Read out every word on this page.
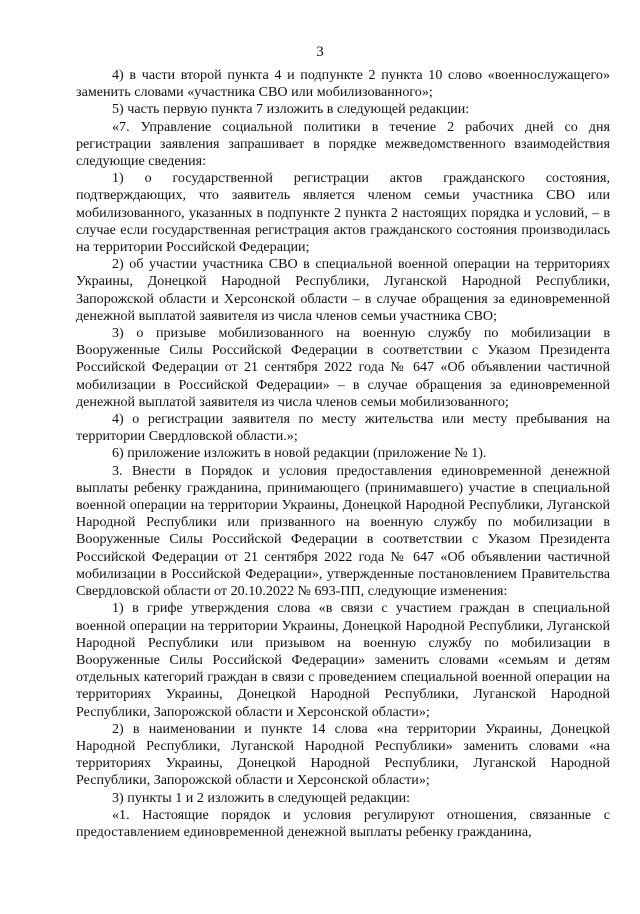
3

4) в части второй пункта 4 и подпункте 2 пункта 10 слово «военнослужащего» заменить словами «участника СВО или мобилизованного»;

5) часть первую пункта 7 изложить в следующей редакции:

«7. Управление социальной политики в течение 2 рабочих дней со дня регистрации заявления запрашивает в порядке межведомственного взаимодействия следующие сведения:

1) о государственной регистрации актов гражданского состояния, подтверждающих, что заявитель является членом семьи участника СВО или мобилизованного, указанных в подпункте 2 пункта 2 настоящих порядка и условий, – в случае если государственная регистрация актов гражданского состояния производилась на территории Российской Федерации;

2) об участии участника СВО в специальной военной операции на территориях Украины, Донецкой Народной Республики, Луганской Народной Республики, Запорожской области и Херсонской области – в случае обращения за единовременной денежной выплатой заявителя из числа членов семьи участника СВО;

3) о призыве мобилизованного на военную службу по мобилизации в Вооруженные Силы Российской Федерации в соответствии с Указом Президента Российской Федерации от 21 сентября 2022 года № 647 «Об объявлении частичной мобилизации в Российской Федерации» – в случае обращения за единовременной денежной выплатой заявителя из числа членов семьи мобилизованного;

4) о регистрации заявителя по месту жительства или месту пребывания на территории Свердловской области.»;

6) приложение изложить в новой редакции (приложение № 1).

3. Внести в Порядок и условия предоставления единовременной денежной выплаты ребенку гражданина, принимающего (принимавшего) участие в специальной военной операции на территории Украины, Донецкой Народной Республики, Луганской Народной Республики или призванного на военную службу по мобилизации в Вооруженные Силы Российской Федерации в соответствии с Указом Президента Российской Федерации от 21 сентября 2022 года № 647 «Об объявлении частичной мобилизации в Российской Федерации», утвержденные постановлением Правительства Свердловской области от 20.10.2022 № 693-ПП, следующие изменения:

1) в грифе утверждения слова «в связи с участием граждан в специальной военной операции на территории Украины, Донецкой Народной Республики, Луганской Народной Республики или призывом на военную службу по мобилизации в Вооруженные Силы Российской Федерации» заменить словами «семьям и детям отдельных категорий граждан в связи с проведением специальной военной операции на территориях Украины, Донецкой Народной Республики, Луганской Народной Республики, Запорожской области и Херсонской области»;

2) в наименовании и пункте 14 слова «на территории Украины, Донецкой Народной Республики, Луганской Народной Республики» заменить словами «на территориях Украины, Донецкой Народной Республики, Луганской Народной Республики, Запорожской области и Херсонской области»;

3) пункты 1 и 2 изложить в следующей редакции:

«1. Настоящие порядок и условия регулируют отношения, связанные с предоставлением единовременной денежной выплаты ребенку гражданина,
